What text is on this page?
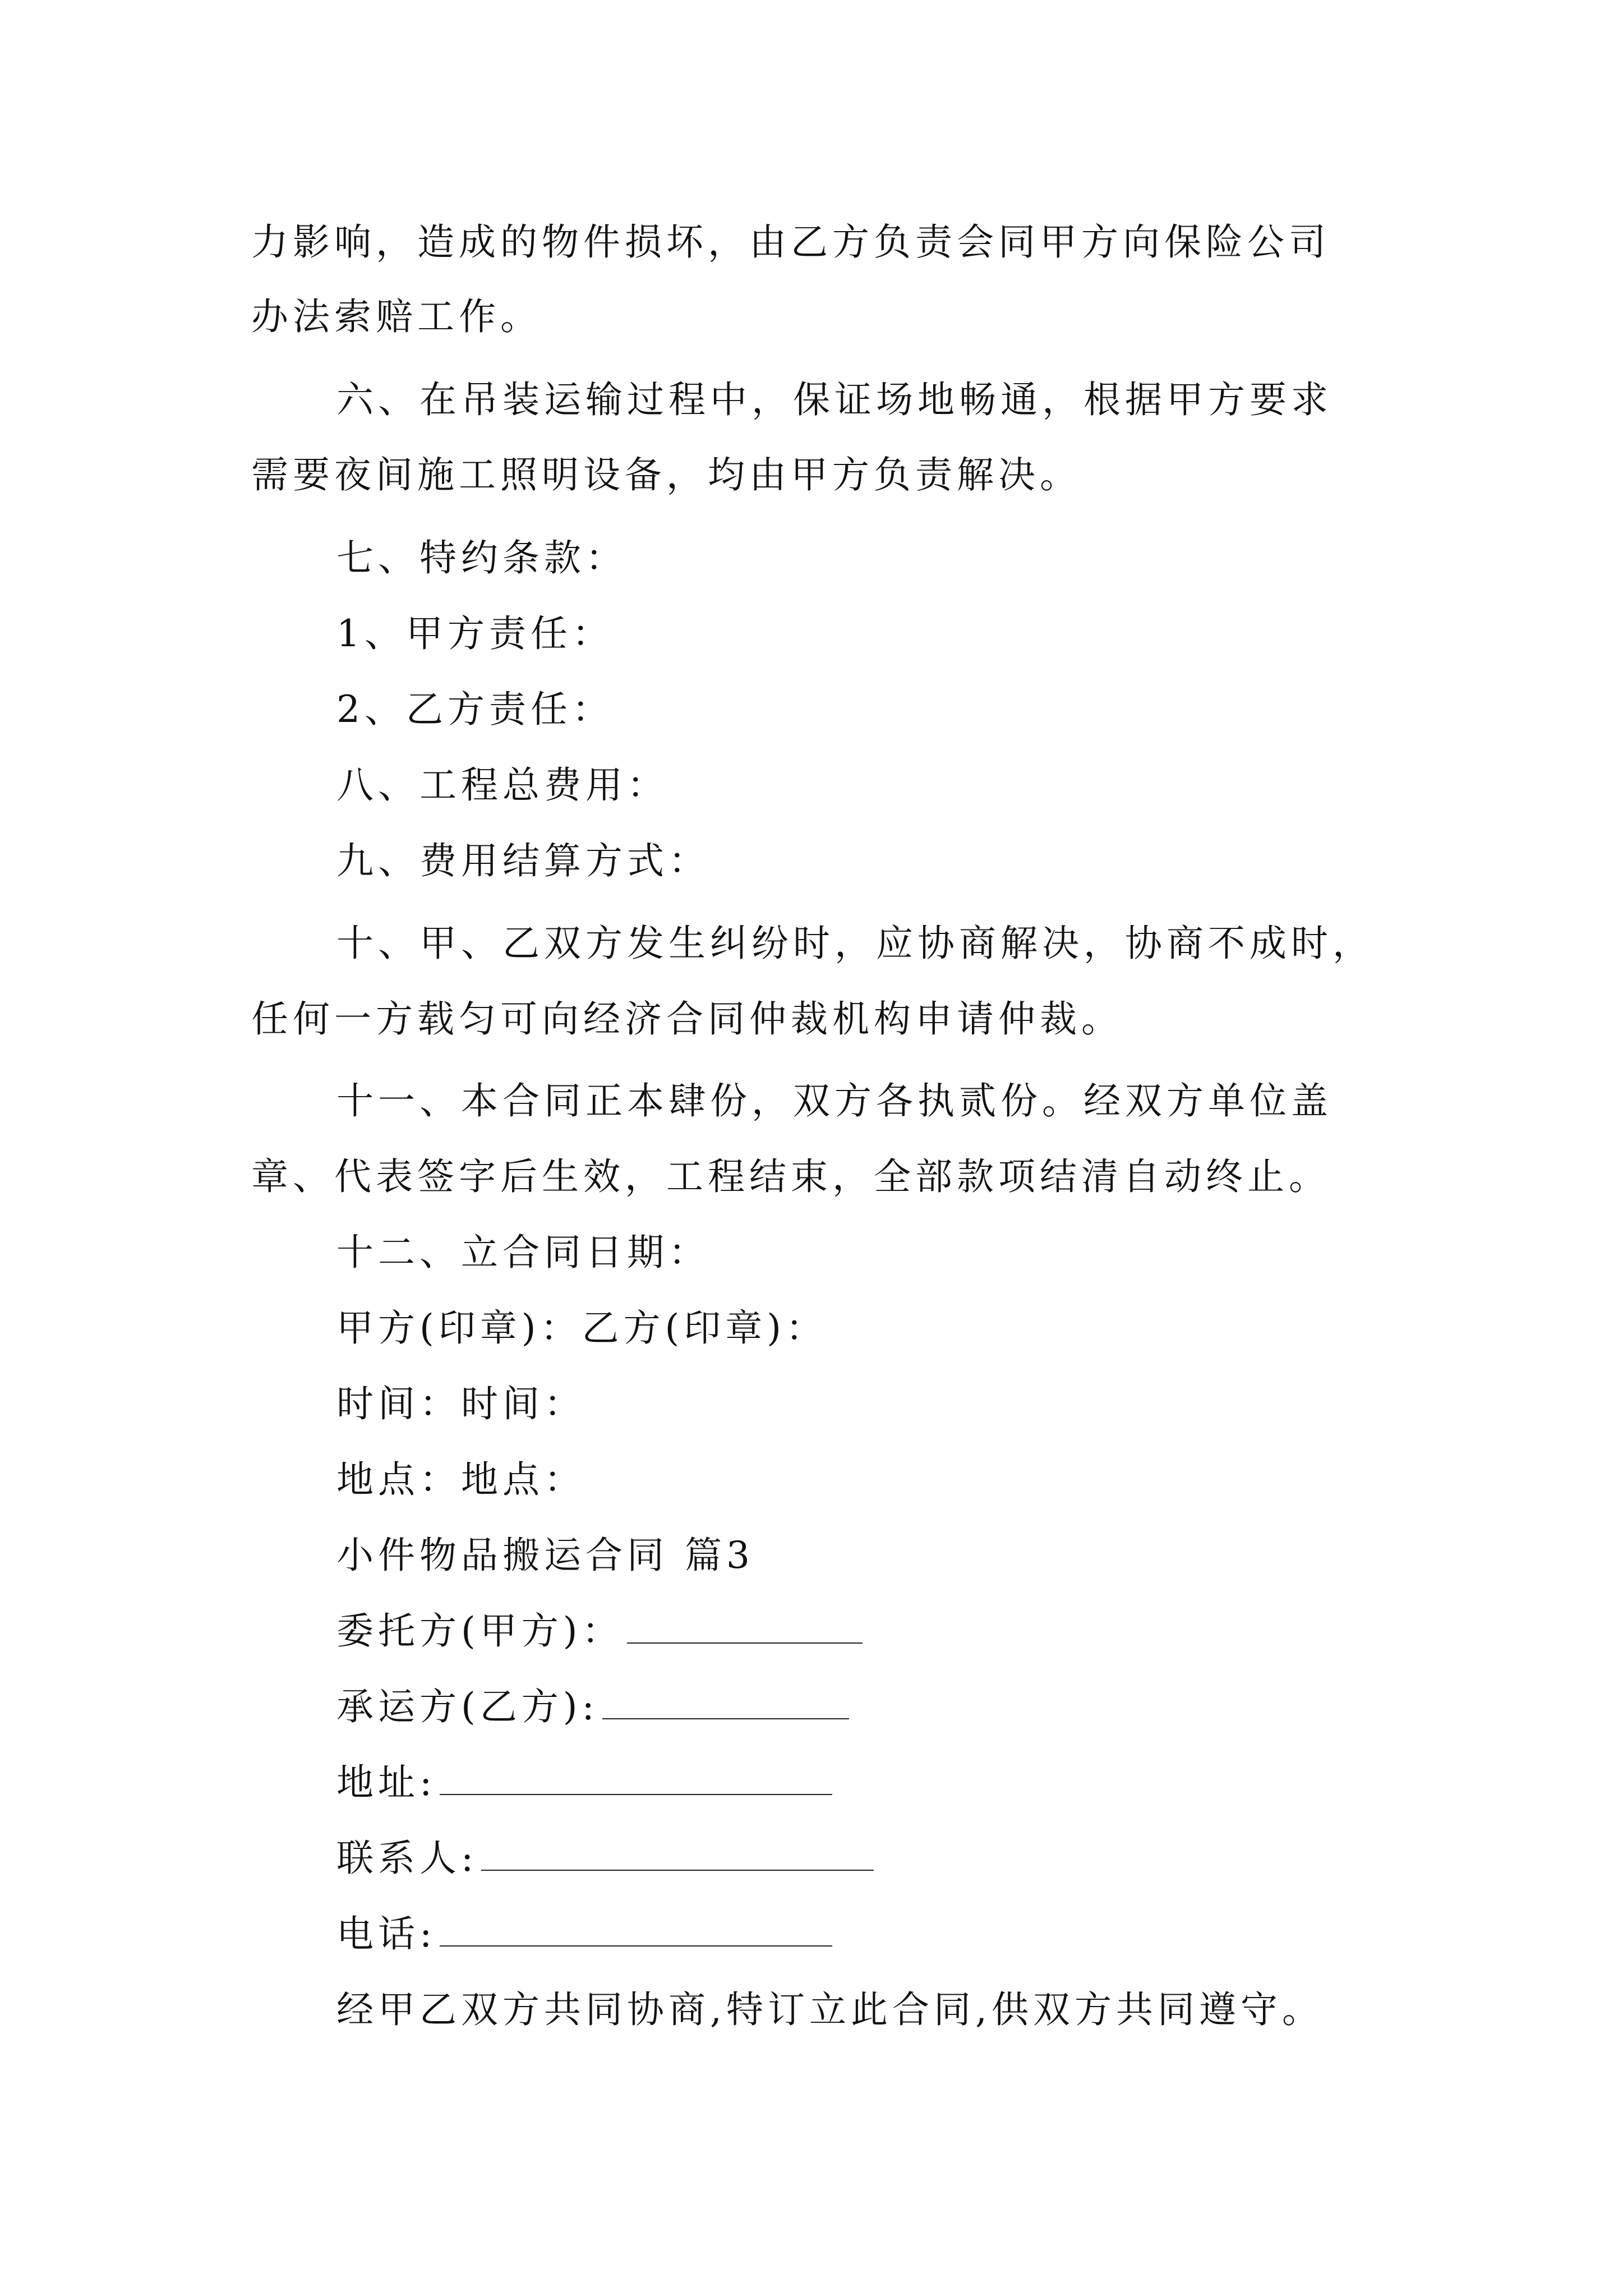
力影响，造成的物件损坏，由乙方负责会同甲方向保险公司
办法索赔工作。
六、在吊装运输过程中，保证场地畅通，根据甲方要求
需要夜间施工照明设备，均由甲方负责解决。
七、特约条款：
1、甲方责任：
2、乙方责任：
八、工程总费用：
九、费用结算方式：
十、甲、乙双方发生纠纷时，应协商解决，协商不成时，
任何一方载匀可向经济合同仲裁机构申请仲裁。
十一、本合同正本肆份，双方各执贰份。经双方单位盖
章、代表签字后生效，工程结束，全部款项结清自动终止。
十二、立合同日期：
甲方(印章)：乙方(印章)：
时间：时间：
地点：地点：
小件物品搬运合同 篇3
委托方(甲方)：
承运方(乙方):
地址:
联系人:
电话:
经甲乙双方共同协商,特订立此合同,供双方共同遵守。
